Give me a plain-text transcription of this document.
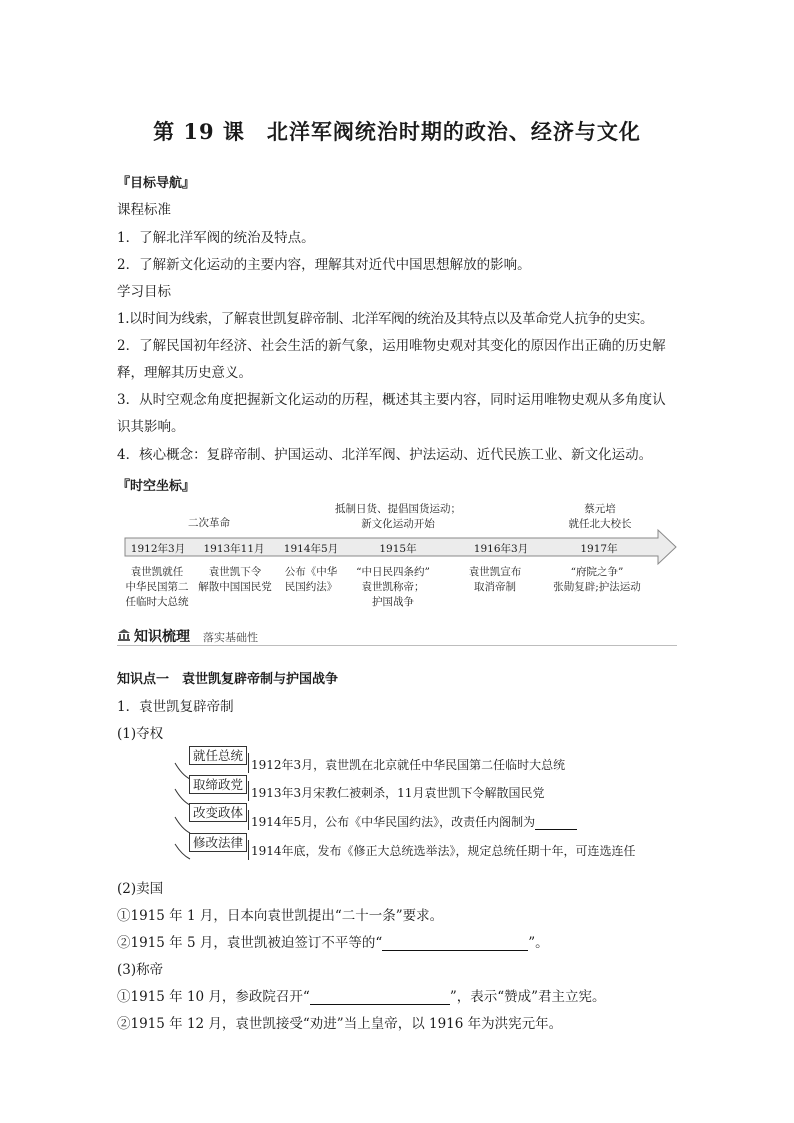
第 19 课　北洋军阀统治时期的政治、经济与文化
『目标导航』
课程标准
1．了解北洋军阀的统治及特点。
2．了解新文化运动的主要内容，理解其对近代中国思想解放的影响。
学习目标
1.以时间为线索，了解袁世凯复辟帝制、北洋军阀的统治及其特点以及革命党人抗争的史实。
2．了解民国初年经济、社会生活的新气象，运用唯物史观对其变化的原因作出正确的历史解
释，理解其历史意义。
3．从时空观念角度把握新文化运动的历程，概述其主要内容，同时运用唯物史观从多角度认
识其影响。
4．核心概念：复辟帝制、护国运动、北洋军阀、护法运动、近代民族工业、新文化运动。
『时空坐标』
1912年3月	1913年11月	1914年5月	1915年	1916年3月	1917年
二次革命
抵制日货、提倡国货运动；
新文化运动开始
蔡元培
就任北大校长
袁世凯就任
中华民国第二
任临时大总统
袁世凯下令
解散中国国民党
公布《中华
民国约法》
“中日民四条约”
袁世凯称帝；
护国战争
袁世凯宣布
取消帝制
“府院之争”
张勋复辟;护法运动
知识梳理 落实基础性
知识点一　袁世凯复辟帝制与护国战争
1．袁世凯复辟帝制
(1)夺权
就任总统
1912年3月，袁世凯在北京就任中华民国第二任临时大总统
取缔政党
1913年3月宋教仁被刺杀，11月袁世凯下令解散国民党
改变政体
1914年5月，公布《中华民国约法》，改责任内阁制为
修改法律
1914年底，发布《修正大总统选举法》，规定总统任期十年，可连选连任
(2)卖国
①1915 年 1 月，日本向袁世凯提出“二十一条”要求。
②1915 年 5 月，袁世凯被迫签订不平等的“	”。
(3)称帝
①1915 年 10 月，参政院召开“	”，表示“赞成”君主立宪。
②1915 年 12 月，袁世凯接受“劝进”当上皇帝，以 1916 年为洪宪元年。
